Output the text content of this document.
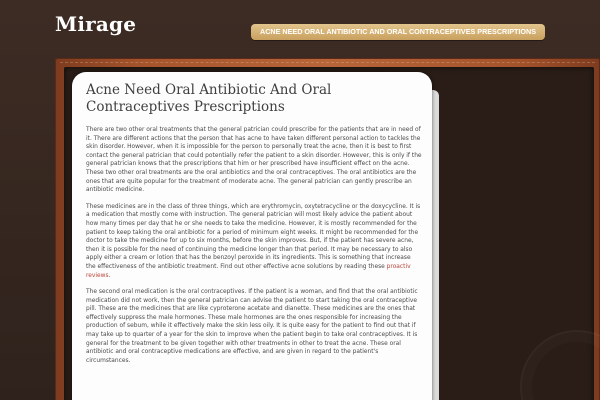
Mirage	ACNE NEED ORAL ANTIBIOTIC AND ORAL CONTRACEPTIVES PRESCRIPTIONS
Acne Need Oral Antibiotic And Oral Contraceptives Prescriptions

There are two other oral treatments that the general patrician could prescribe for the patients that are in need of it. There are different actions that the person that has acne to have taken different personal action to tackles the skin disorder. However, when it is impossible for the person to personally treat the acne, then it is best to first contact the general patrician that could potentially refer the patient to a skin disorder. However, this is only if the general patrician knows that the prescriptions that him or her prescribed have insufficient effect on the acne. These two other oral treatments are the oral antibiotics and the oral contraceptives. The oral antibiotics are the ones that are quite popular for the treatment of moderate acne. The general patrician can gently prescribe an antibiotic medicine.

These medicines are in the class of three things, which are erythromycin, oxytetracycline or the doxycycline. It is a medication that mostly come with instruction. The general patrician will most likely advice the patient about how many times per day that he or she needs to take the medicine. However, it is mostly recommended for the patient to keep taking the oral antibiotic for a period of minimum eight weeks. It might be recommended for the doctor to take the medicine for up to six months, before the skin improves. But, if the patient has severe acne, then it is possible for the need of continuing the medicine longer than that period. It may be necessary to also apply either a cream or lotion that has the benzoyl peroxide in its ingredients. This is something that increase the effectiveness of the antibiotic treatment. Find out other effective acne solutions by reading these proactiv reviews.

The second oral medication is the oral contraceptives. If the patient is a woman, and find that the oral antibiotic medication did not work, then the general patrician can advise the patient to start taking the oral contraceptive pill. These are the medicines that are like cyproterone acetate and dianette. These medicines are the ones that effectively suppress the male hormones. These male hormones are the ones responsible for increasing the production of sebum, while it effectively make the skin less oily. It is quite easy for the patient to find out that if may take up to quarter of a year for the skin to improve when the patient begin to take oral contraceptives. It is general for the treatment to be given together with other treatments in other to treat the acne. These oral antibiotic and oral contraceptive medications are effective, and are given in regard to the patient's circumstances.
